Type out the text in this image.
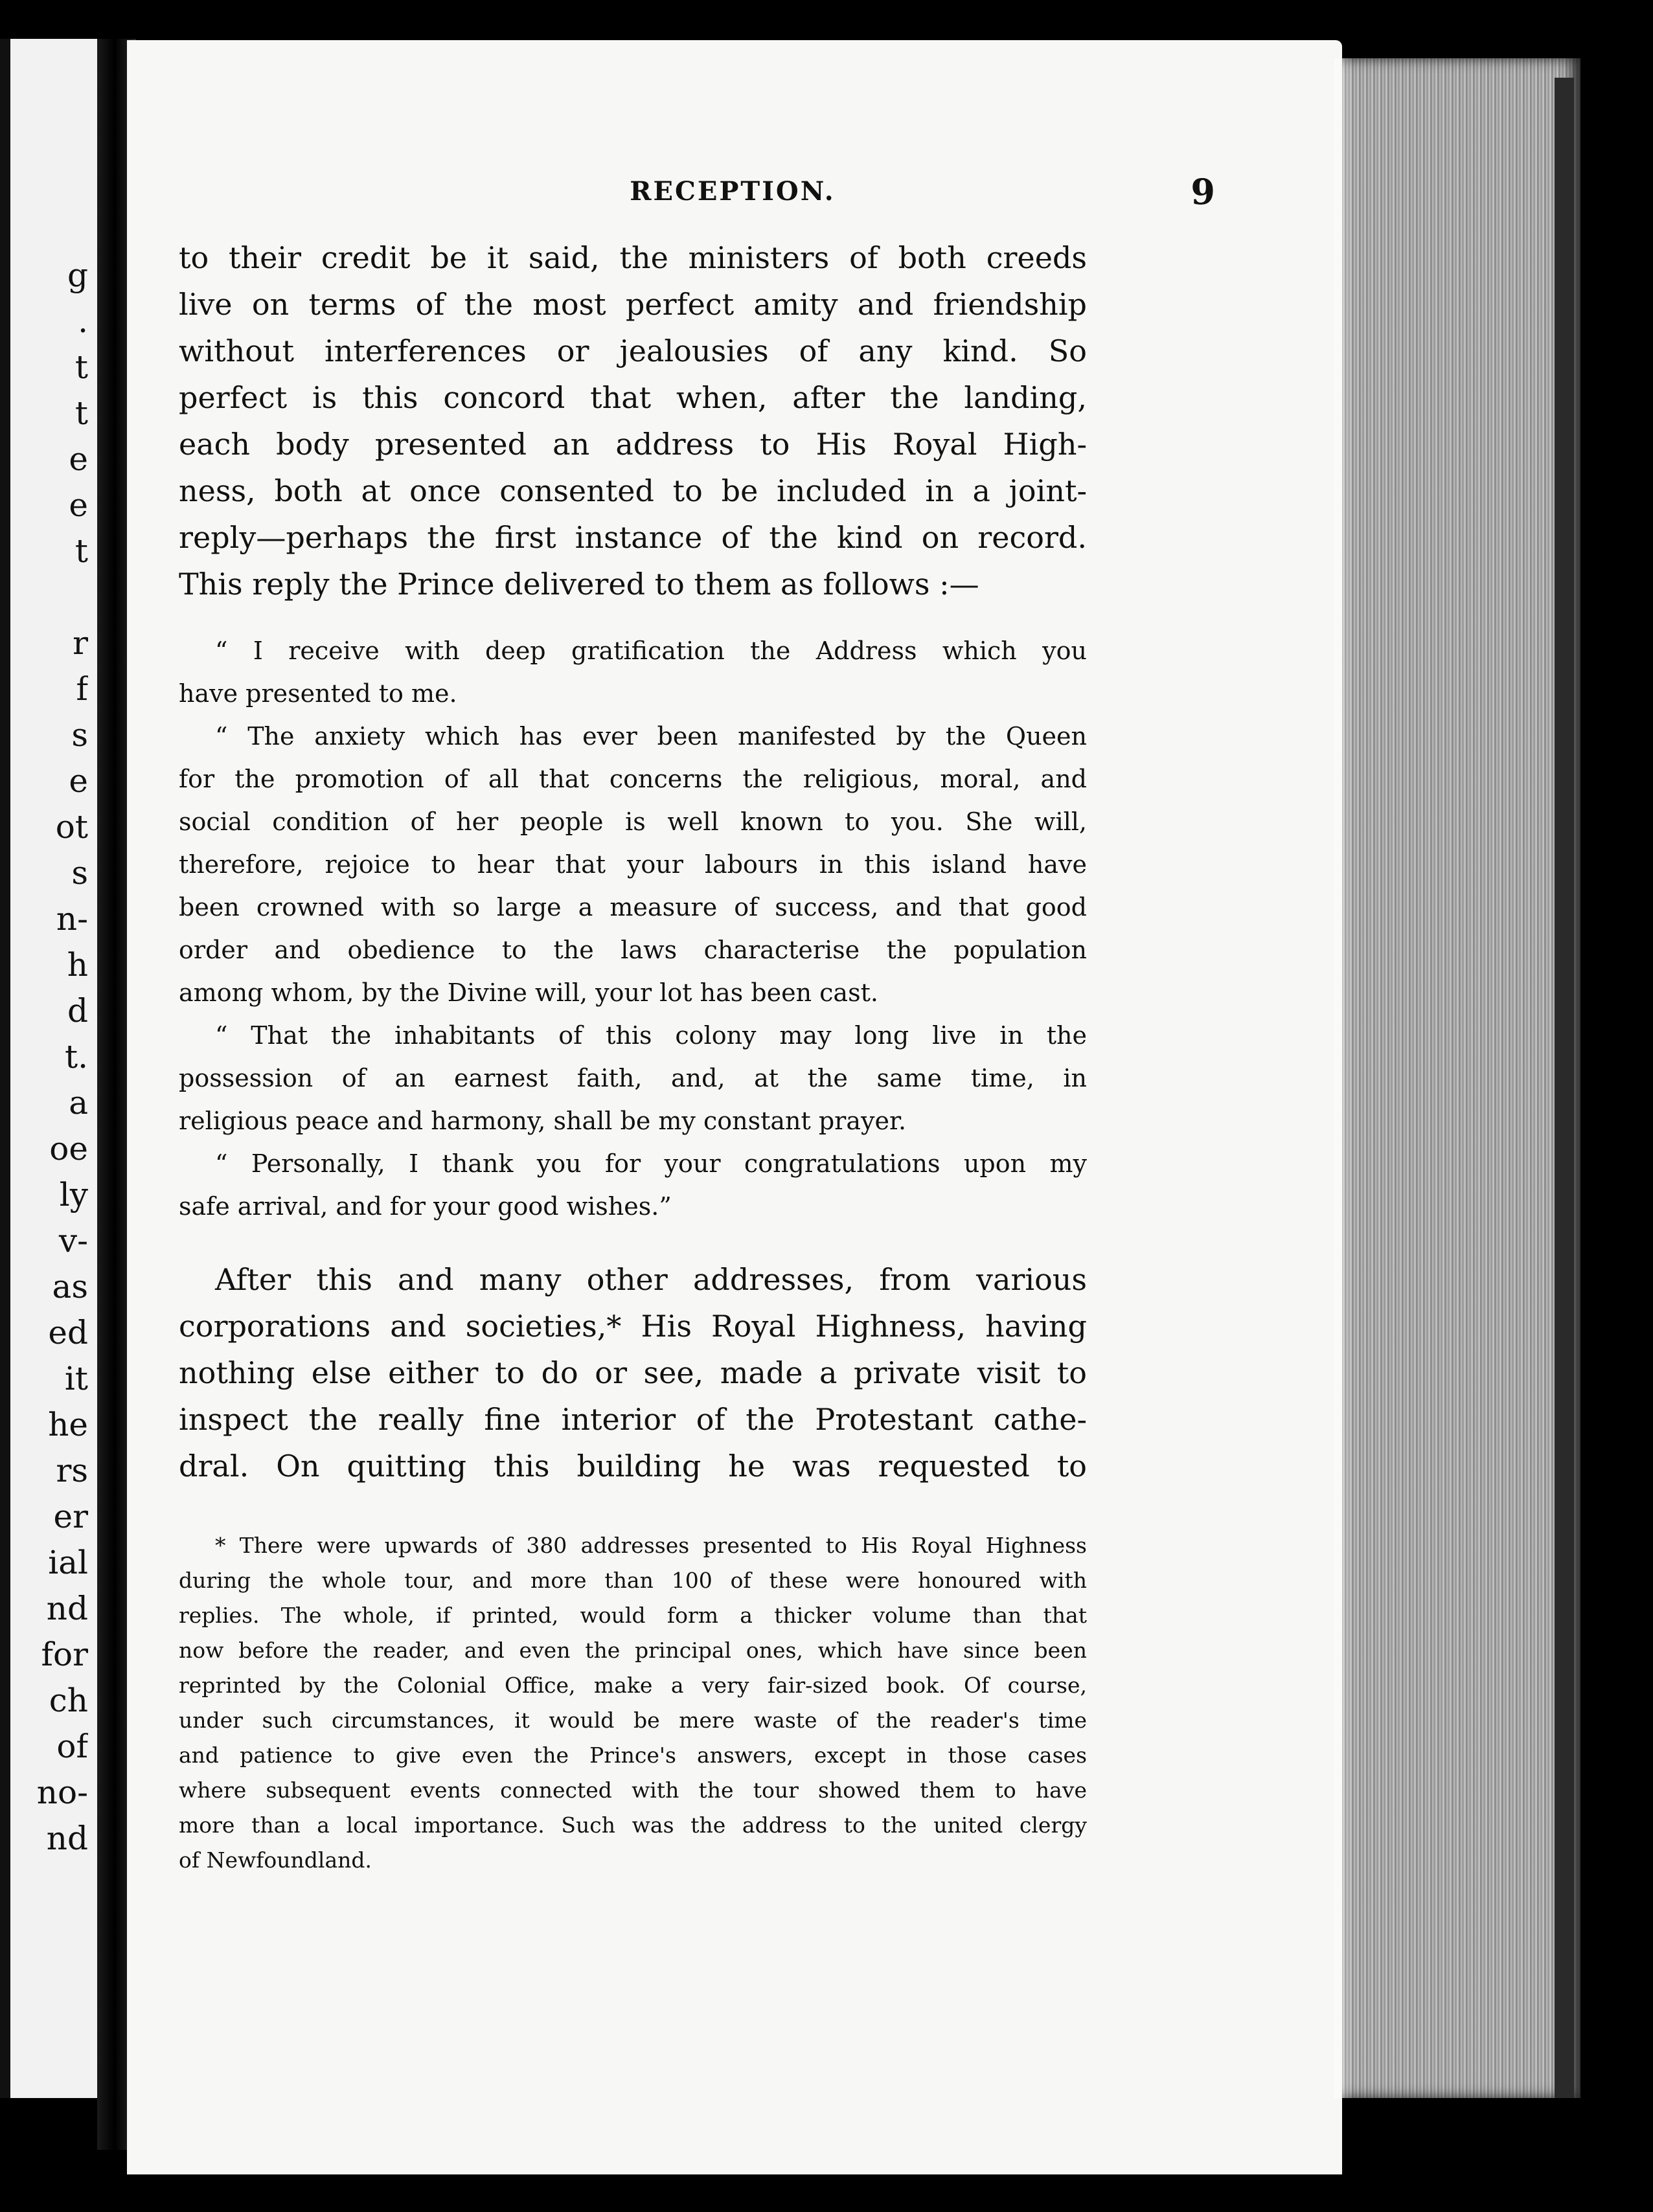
g
.
t
t
e
e
t
r
f
s
e
ot
s
n-
h
d
t.
a
oe
ly
v-
as
ed
it
he
rs
er
ial
nd
for
ch
of
no-
nd
RECEPTION.	9

to their credit be it said, the ministers of both creeds
live on terms of the most perfect amity and friendship
without interferences or jealousies of any kind. So
perfect is this concord that when, after the landing,
each body presented an address to His Royal High-
ness, both at once consented to be included in a joint-
reply—perhaps the first instance of the kind on record.
This reply the Prince delivered to them as follows :—

“ I receive with deep gratification the Address which you
have presented to me.

“ The anxiety which has ever been manifested by the Queen
for the promotion of all that concerns the religious, moral, and
social condition of her people is well known to you. She will,
therefore, rejoice to hear that your labours in this island have
been crowned with so large a measure of success, and that good
order and obedience to the laws characterise the population
among whom, by the Divine will, your lot has been cast.

“ That the inhabitants of this colony may long live in the
possession of an earnest faith, and, at the same time, in
religious peace and harmony, shall be my constant prayer.

“ Personally, I thank you for your congratulations upon my
safe arrival, and for your good wishes.”

After this and many other addresses, from various
corporations and societies,* His Royal Highness, having
nothing else either to do or see, made a private visit to
inspect the really fine interior of the Protestant cathe-
dral. On quitting this building he was requested to

* There were upwards of 380 addresses presented to His Royal Highness
during the whole tour, and more than 100 of these were honoured with
replies. The whole, if printed, would form a thicker volume than that
now before the reader, and even the principal ones, which have since been
reprinted by the Colonial Office, make a very fair-sized book. Of course,
under such circumstances, it would be mere waste of the reader's time
and patience to give even the Prince's answers, except in those cases
where subsequent events connected with the tour showed them to have
more than a local importance. Such was the address to the united clergy
of Newfoundland.
